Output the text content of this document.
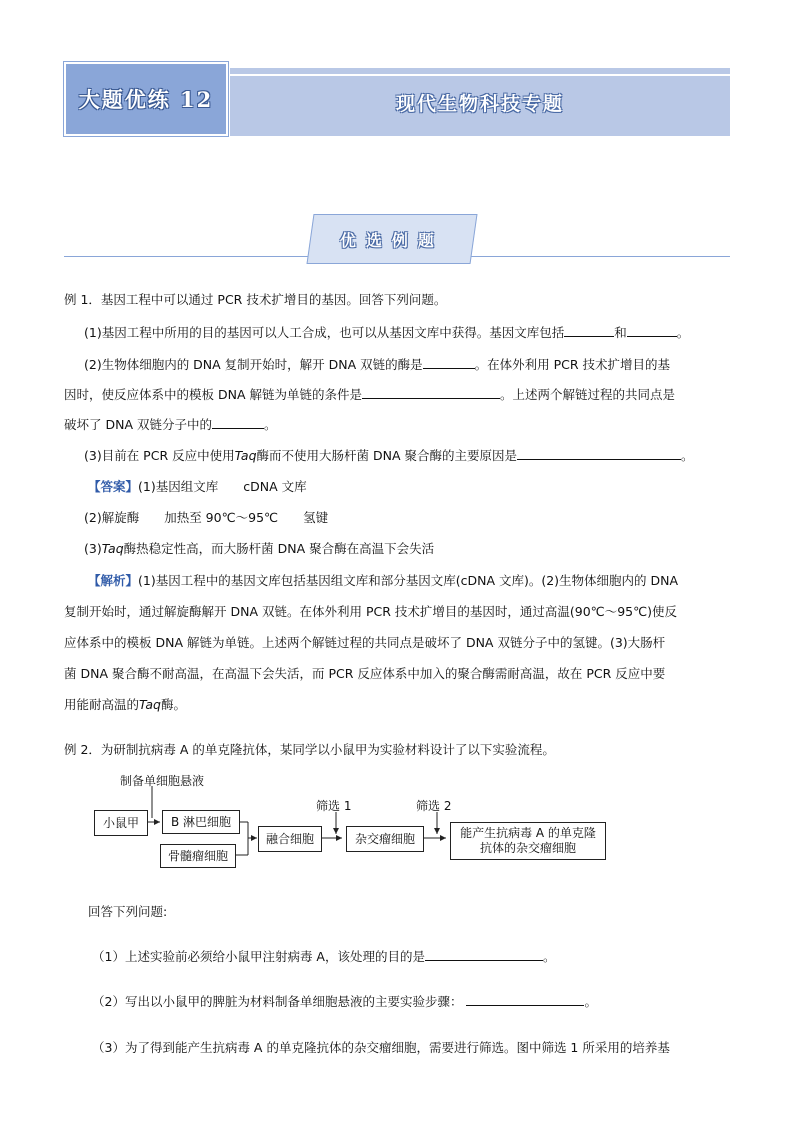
大题优练 12	现代生物科技专题
优选例题
例 1．基因工程中可以通过 PCR 技术扩增目的基因。回答下列问题。
(1)基因工程中所用的目的基因可以人工合成，也可以从基因文库中获得。基因文库包括	和	。
(2)生物体细胞内的 DNA 复制开始时，解开 DNA 双链的酶是	。在体外利用 PCR 技术扩增目的基
因时，使反应体系中的模板 DNA 解链为单链的条件是	。上述两个解链过程的共同点是
破坏了 DNA 双链分子中的	。
(3)目前在 PCR 反应中使用Taq酶而不使用大肠杆菌 DNA 聚合酶的主要原因是	。
【答案】(1)基因组文库　　cDNA 文库
(2)解旋酶　　加热至 90℃～95℃　　氢键
(3)Taq酶热稳定性高，而大肠杆菌 DNA 聚合酶在高温下会失活
【解析】(1)基因工程中的基因文库包括基因组文库和部分基因文库(cDNA 文库)。(2)生物体细胞内的 DNA
复制开始时，通过解旋酶解开 DNA 双链。在体外利用 PCR 技术扩增目的基因时，通过高温(90℃～95℃)使反
应体系中的模板 DNA 解链为单链。上述两个解链过程的共同点是破坏了 DNA 双链分子中的氢键。(3)大肠杆
菌 DNA 聚合酶不耐高温，在高温下会失活，而 PCR 反应体系中加入的聚合酶需耐高温，故在 PCR 反应中要
用能耐高温的Taq酶。
例 2．为研制抗病毒 A 的单克隆抗体，某同学以小鼠甲为实验材料设计了以下实验流程。
制备单细胞悬液
小鼠甲	B 淋巴细胞
骨髓瘤细胞
融合细胞
筛选 1
杂交瘤细胞
筛选 2
能产生抗病毒 A 的单克隆
抗体的杂交瘤细胞
回答下列问题:
（1）上述实验前必须给小鼠甲注射病毒 A，该处理的目的是	。
（2）写出以小鼠甲的脾脏为材料制备单细胞悬液的主要实验步骤：	。
（3）为了得到能产生抗病毒 A 的单克隆抗体的杂交瘤细胞，需要进行筛选。图中筛选 1 所采用的培养基
